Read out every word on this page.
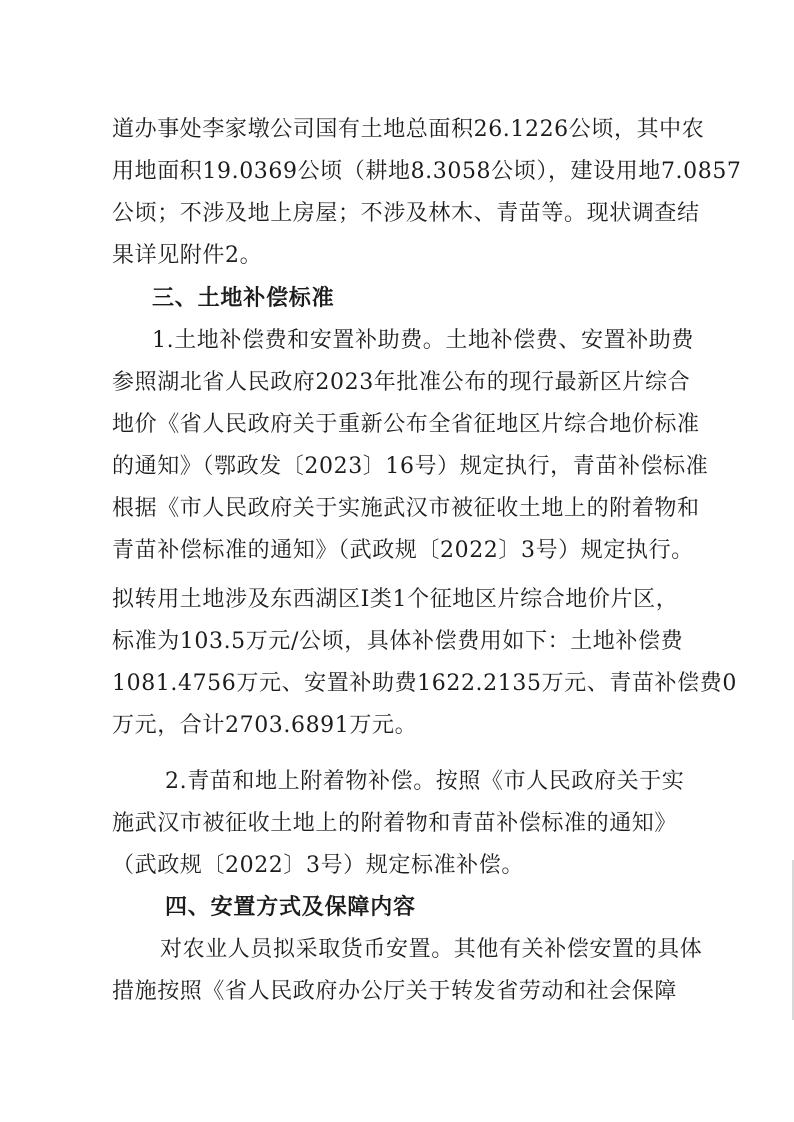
道办事处李家墩公司国有土地总面积26.1226公顷，其中农
用地面积19.0369公顷（耕地8.3058公顷），建设用地7.0857
公顷；不涉及地上房屋；不涉及林木、青苗等。现状调查结
果详见附件2。
三、土地补偿标准
1.土地补偿费和安置补助费。土地补偿费、安置补助费
参照湖北省人民政府2023年批准公布的现行最新区片综合
地价《省人民政府关于重新公布全省征地区片综合地价标准
的通知》（鄂政发〔2023〕16号）规定执行，青苗补偿标准
根据《市人民政府关于实施武汉市被征收土地上的附着物和
青苗补偿标准的通知》（武政规〔2022〕3号）规定执行。
拟转用土地涉及东西湖区Ⅰ类1个征地区片综合地价片区，
标准为103.5万元/公顷，具体补偿费用如下：土地补偿费
1081.4756万元、安置补助费1622.2135万元、青苗补偿费0
万元，合计2703.6891万元。
2.青苗和地上附着物补偿。按照《市人民政府关于实
施武汉市被征收土地上的附着物和青苗补偿标准的通知》
（武政规〔2022〕3号）规定标准补偿。
四、安置方式及保障内容
对农业人员拟采取货币安置。其他有关补偿安置的具体
措施按照《省人民政府办公厅关于转发省劳动和社会保障
